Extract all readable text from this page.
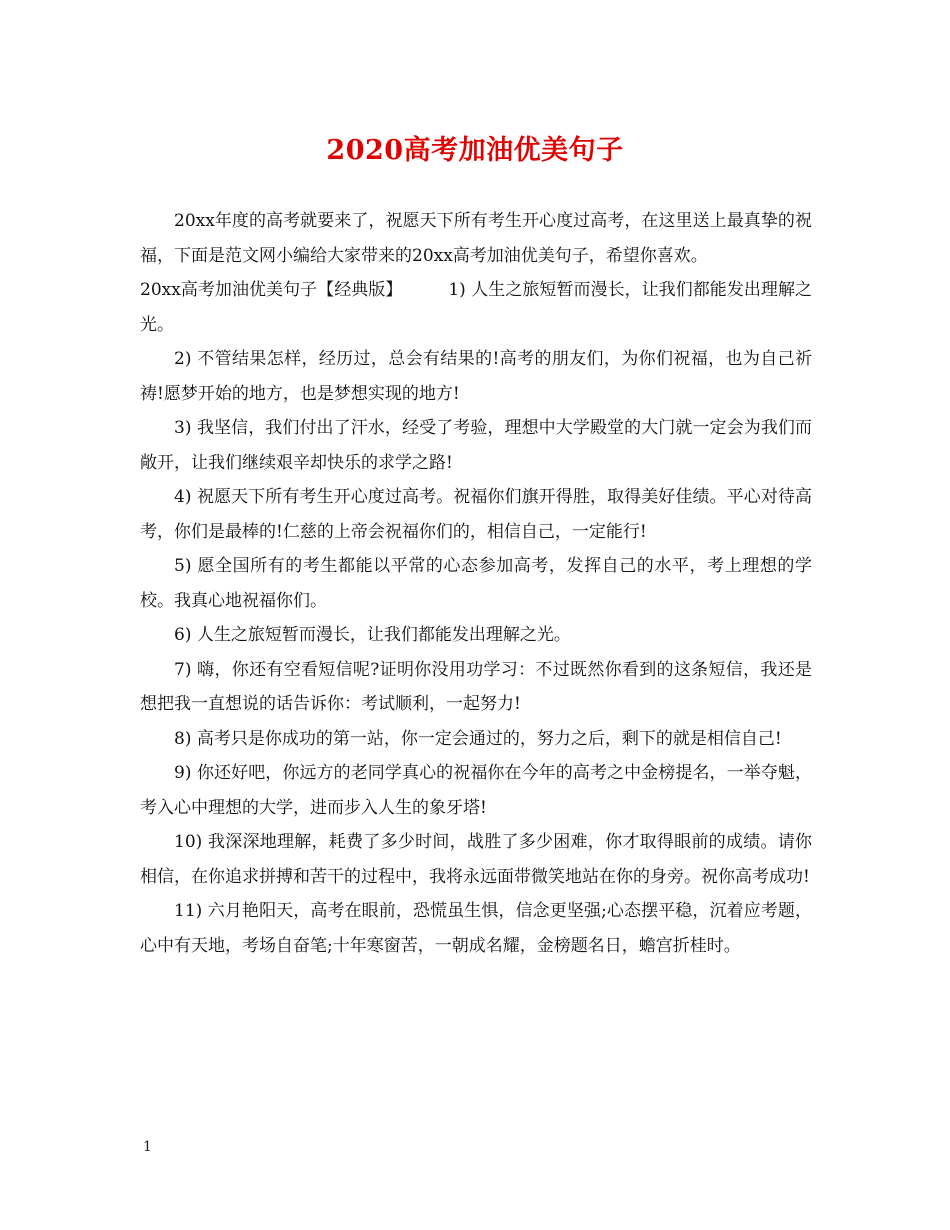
2020高考加油优美句子

20xx年度的高考就要来了，祝愿天下所有考生开心度过高考，在这里送上最真挚的祝福，下面是范文网小编给大家带来的20xx高考加油优美句子，希望你喜欢。

20xx高考加油优美句子【经典版】	1) 人生之旅短暂而漫长，让我们都能发出理解之光。

2) 不管结果怎样，经历过，总会有结果的!高考的朋友们，为你们祝福，也为自己祈祷!愿梦开始的地方，也是梦想实现的地方!

3) 我坚信，我们付出了汗水，经受了考验，理想中大学殿堂的大门就一定会为我们而敞开，让我们继续艰辛却快乐的求学之路!

4) 祝愿天下所有考生开心度过高考。祝福你们旗开得胜，取得美好佳绩。平心对待高考，你们是最棒的!仁慈的上帝会祝福你们的，相信自己，一定能行!

5) 愿全国所有的考生都能以平常的心态参加高考，发挥自己的水平，考上理想的学校。我真心地祝福你们。

6) 人生之旅短暂而漫长，让我们都能发出理解之光。

7) 嗨，你还有空看短信呢?证明你没用功学习：不过既然你看到的这条短信，我还是想把我一直想说的话告诉你：考试顺利，一起努力!

8) 高考只是你成功的第一站，你一定会通过的，努力之后，剩下的就是相信自己!

9) 你还好吧，你远方的老同学真心的祝福你在今年的高考之中金榜提名，一举夺魁，考入心中理想的大学，进而步入人生的象牙塔!

10) 我深深地理解，耗费了多少时间，战胜了多少困难，你才取得眼前的成绩。请你相信，在你追求拼搏和苦干的过程中，我将永远面带微笑地站在你的身旁。祝你高考成功!

11) 六月艳阳天，高考在眼前，恐慌虽生惧，信念更坚强;心态摆平稳，沉着应考题，心中有天地，考场自奋笔;十年寒窗苦，一朝成名耀，金榜题名日，蟾宫折桂时。

1
